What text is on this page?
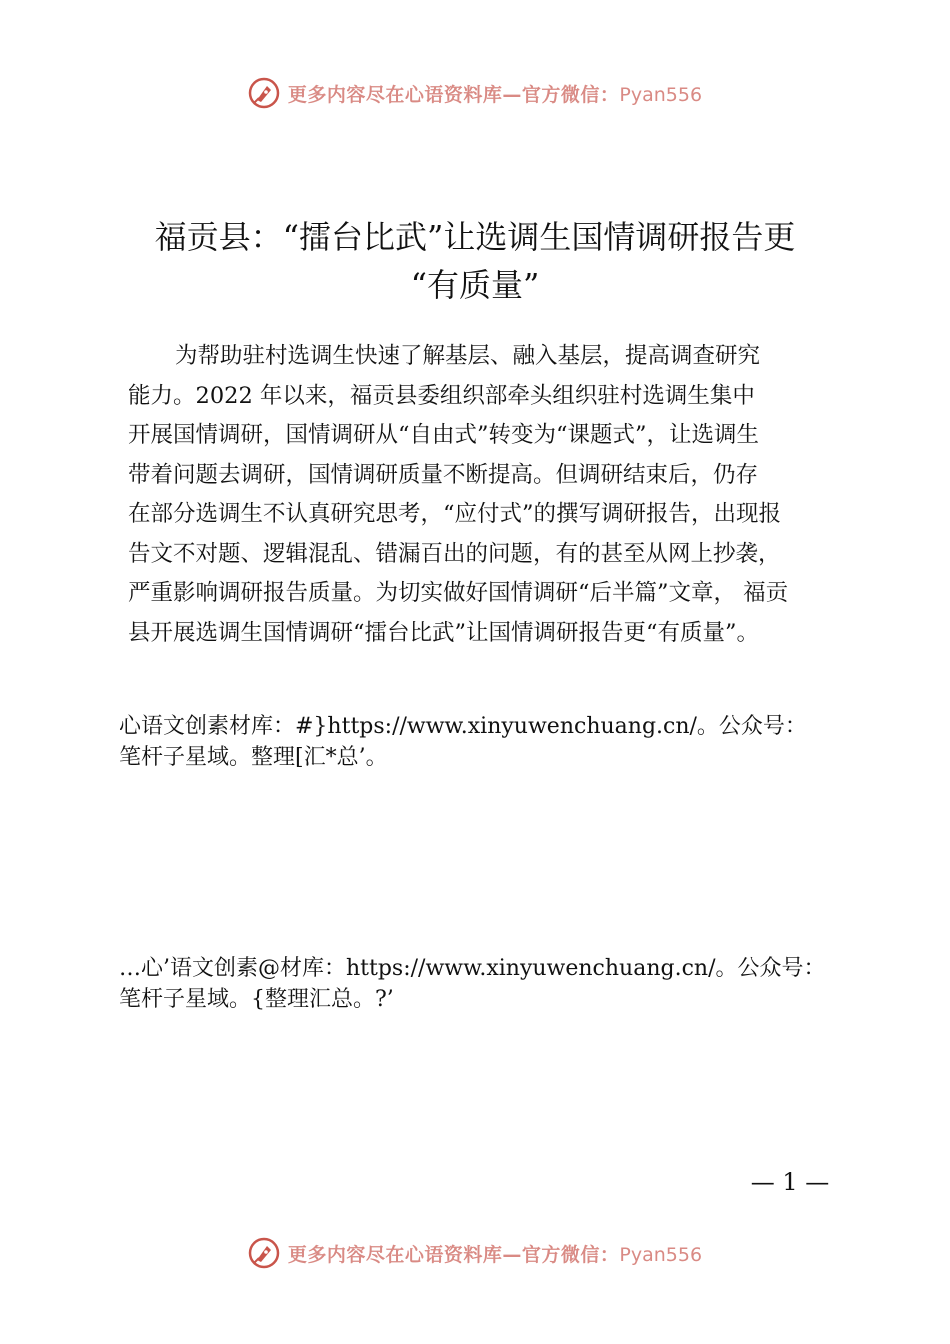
更多内容尽在心语资料库—官方微信：Pyan556
福贡县：“擂台比武”让选调生国情调研报告更
“有质量”

为帮助驻村选调生快速了解基层、融入基层，提高调查研究
能力。2022 年以来，福贡县委组织部牵头组织驻村选调生集中
开展国情调研，国情调研从“自由式”转变为“课题式”，让选调生
带着问题去调研，国情调研质量不断提高。但调研结束后，仍存
在部分选调生不认真研究思考，“应付式”的撰写调研报告，出现报
告文不对题、逻辑混乱、错漏百出的问题，有的甚至从网上抄袭，
严重影响调研报告质量。为切实做好国情调研“后半篇”文章， 福贡
县开展选调生国情调研“擂台比武”让国情调研报告更“有质量”。

心语文创素材库：#}https://www.xinyuwenchuang.cn/。公众号：
笔杆子星域。整理[汇*总’。

…心’语文创素@材库：https://www.xinyuwenchuang.cn/。公众号：
笔杆子星域。{整理汇总。?’

— 1 —
更多内容尽在心语资料库—官方微信：Pyan556
